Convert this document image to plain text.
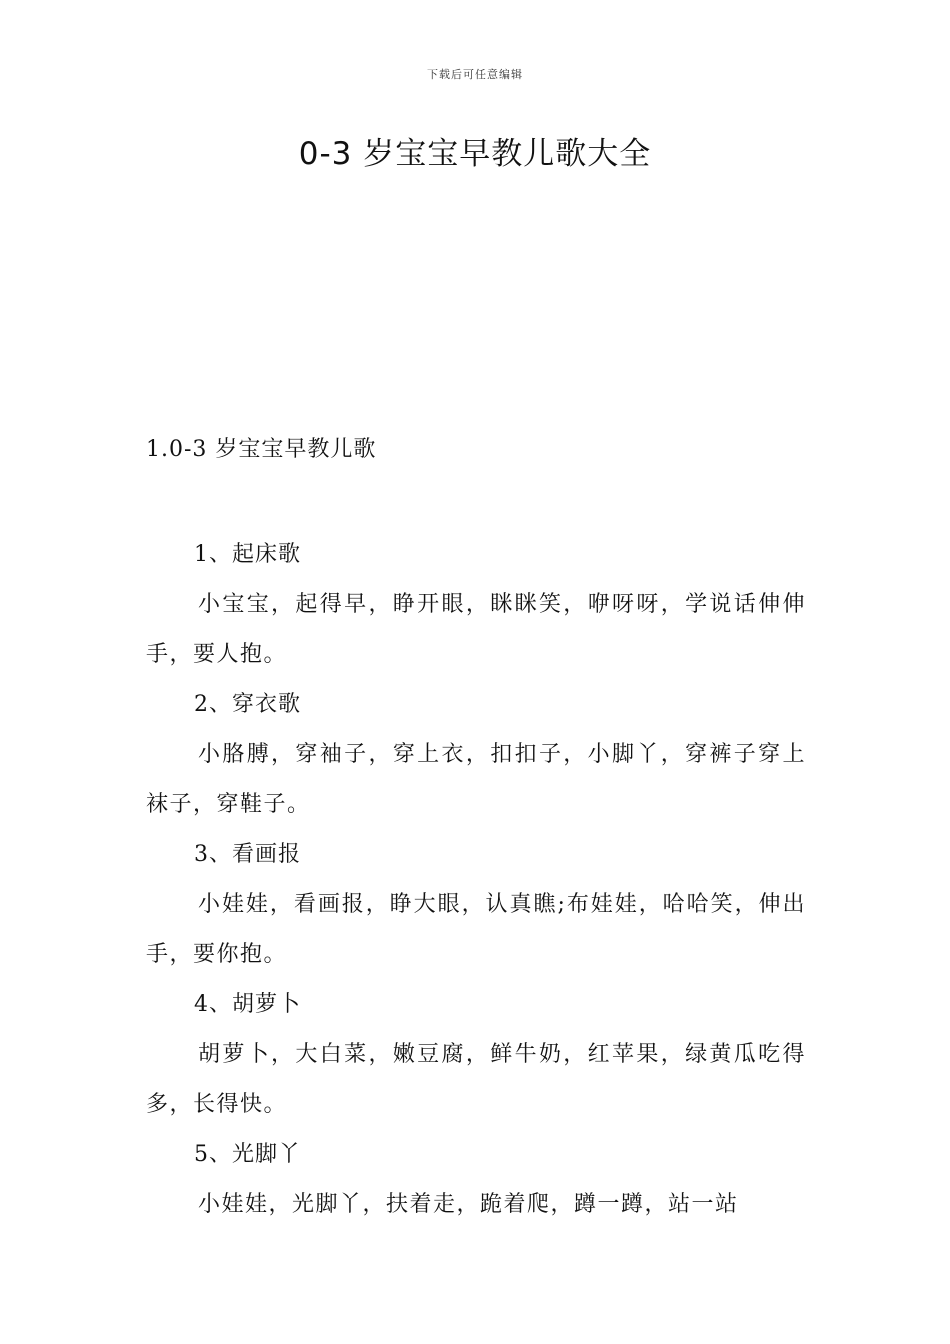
下载后可任意编辑
0-3 岁宝宝早教儿歌大全
1.0-3 岁宝宝早教儿歌
1、起床歌
小宝宝，起得早，睁开眼，眯眯笑，咿呀呀，学说话伸伸手，要人抱。
2、穿衣歌
小胳膊，穿袖子，穿上衣，扣扣子，小脚丫，穿裤子穿上袜子，穿鞋子。
3、看画报
小娃娃，看画报，睁大眼，认真瞧;布娃娃，哈哈笑，伸出手，要你抱。
4、胡萝卜
胡萝卜，大白菜，嫩豆腐，鲜牛奶，红苹果，绿黄瓜吃得多，长得快。
5、光脚丫
小娃娃，光脚丫，扶着走，跪着爬，蹲一蹲，站一站
